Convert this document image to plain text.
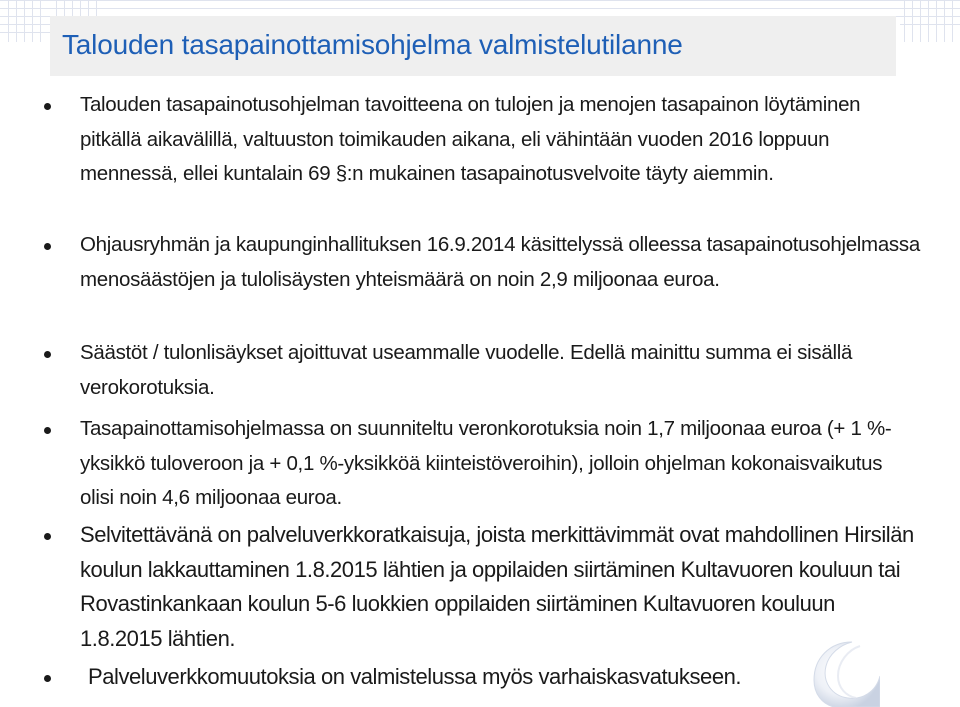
Talouden tasapainottamisohjelma valmistelutilanne

Talouden tasapainotusohjelman tavoitteena on tulojen ja menojen tasapainon löytäminen pitkällä aikavälillä, valtuuston toimikauden aikana, eli vähintään vuoden 2016 loppuun mennessä, ellei kuntalain 69 §:n mukainen tasapainotusvelvoite täyty aiemmin.

Ohjausryhmän ja kaupunginhallituksen 16.9.2014 käsittelyssä olleessa tasapainotusohjelmassa menosäästöjen ja tulolisäysten yhteismäärä on noin 2,9 miljoonaa euroa.

Säästöt / tulonlisäykset ajoittuvat useammalle vuodelle. Edellä mainittu summa ei sisällä verokorotuksia.

Tasapainottamisohjelmassa on suunniteltu veronkorotuksia noin 1,7 miljoonaa euroa (+ 1 %-yksikkö tuloveroon ja + 0,1 %-yksikköä kiinteistöveroihin), jolloin ohjelman kokonaisvaikutus olisi noin 4,6 miljoonaa euroa.

Selvitettävänä on palveluverkkoratkaisuja, joista merkittävimmät ovat mahdollinen Hirsilän koulun lakkauttaminen 1.8.2015 lähtien ja oppilaiden siirtäminen Kultavuoren kouluun tai Rovastinkankaan koulun 5-6 luokkien oppilaiden siirtäminen Kultavuoren kouluun 1.8.2015 lähtien.

Palveluverkkomuutoksia on valmistelussa myös varhaiskasvatukseen.
